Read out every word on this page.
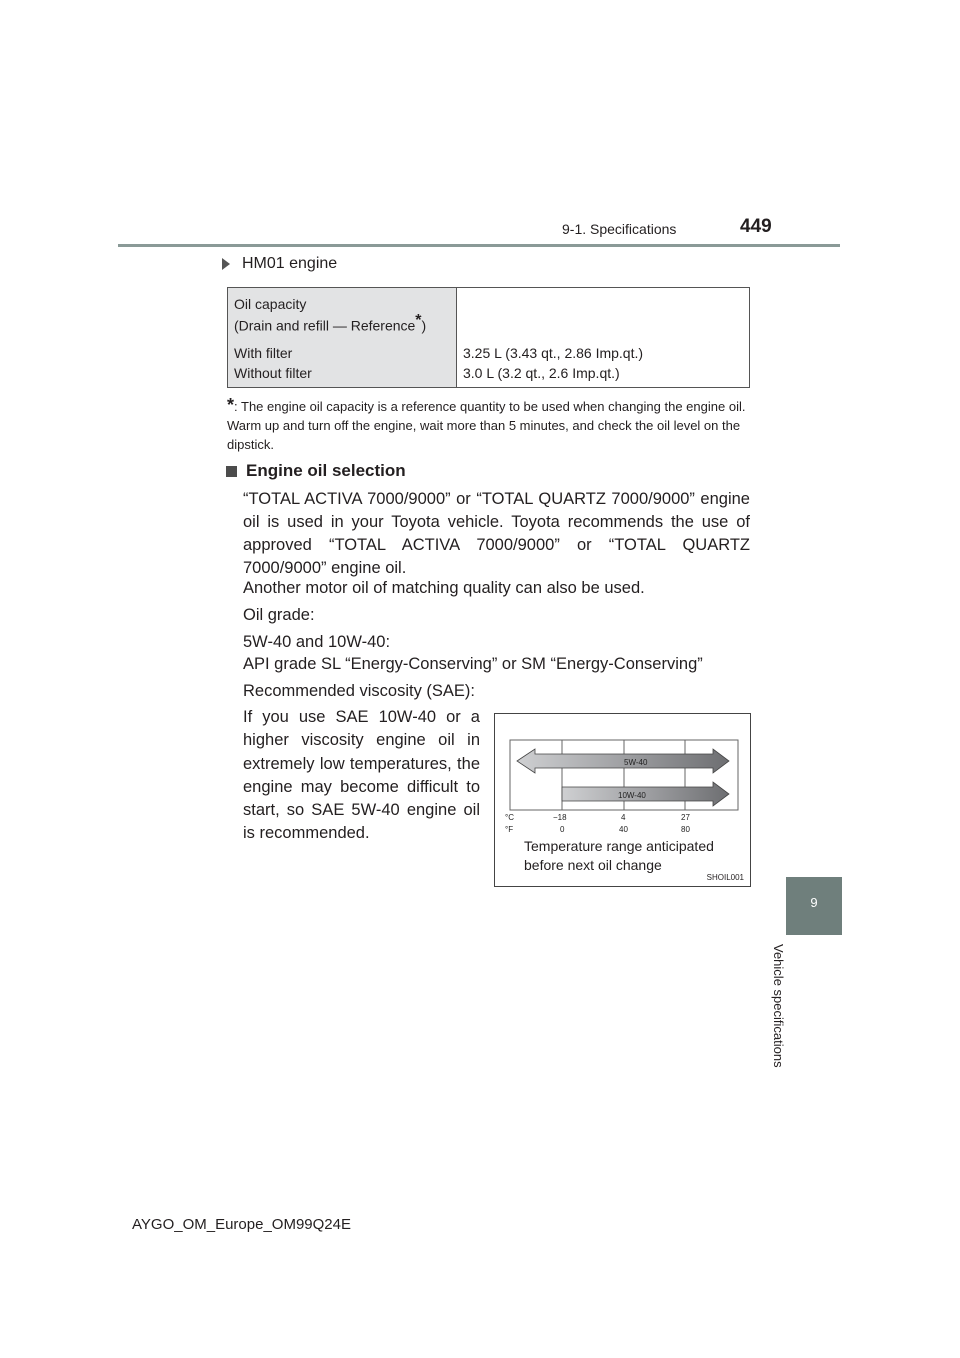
9-1. Specifications	449
9
Vehicle specifications
HM01 engine
Oil capacity
(Drain and refill — Reference*)	

With filter	3.25 L (3.43 qt., 2.86 Imp.qt.)
Without filter	3.0 L (3.2 qt., 2.6 Imp.qt.)
*: The engine oil capacity is a reference quantity to be used when changing the engine oil. Warm up and turn off the engine, wait more than 5 minutes, and check the oil level on the dipstick.
Engine oil selection
“TOTAL ACTIVA 7000/9000” or “TOTAL QUARTZ 7000/9000” engine oil is used in your Toyota vehicle. Toyota recommends the use of approved “TOTAL ACTIVA 7000/9000” or “TOTAL QUARTZ 7000/9000” engine oil.
Another motor oil of matching quality can also be used.
Oil grade:
5W-40 and 10W-40:
API grade SL “Energy-Conserving” or SM “Energy-Conserving”
Recommended viscosity (SAE):
If you use SAE 10W-40 or a higher viscosity engine oil in extremely low temperatures, the engine may become difficult to start, so SAE 5W-40 engine oil is recommended.
5W-40
10W-40
°C
°F
−18	4	27
0	40	80
Temperature range anticipated
before next oil change
SHOIL001
AYGO_OM_Europe_OM99Q24E
